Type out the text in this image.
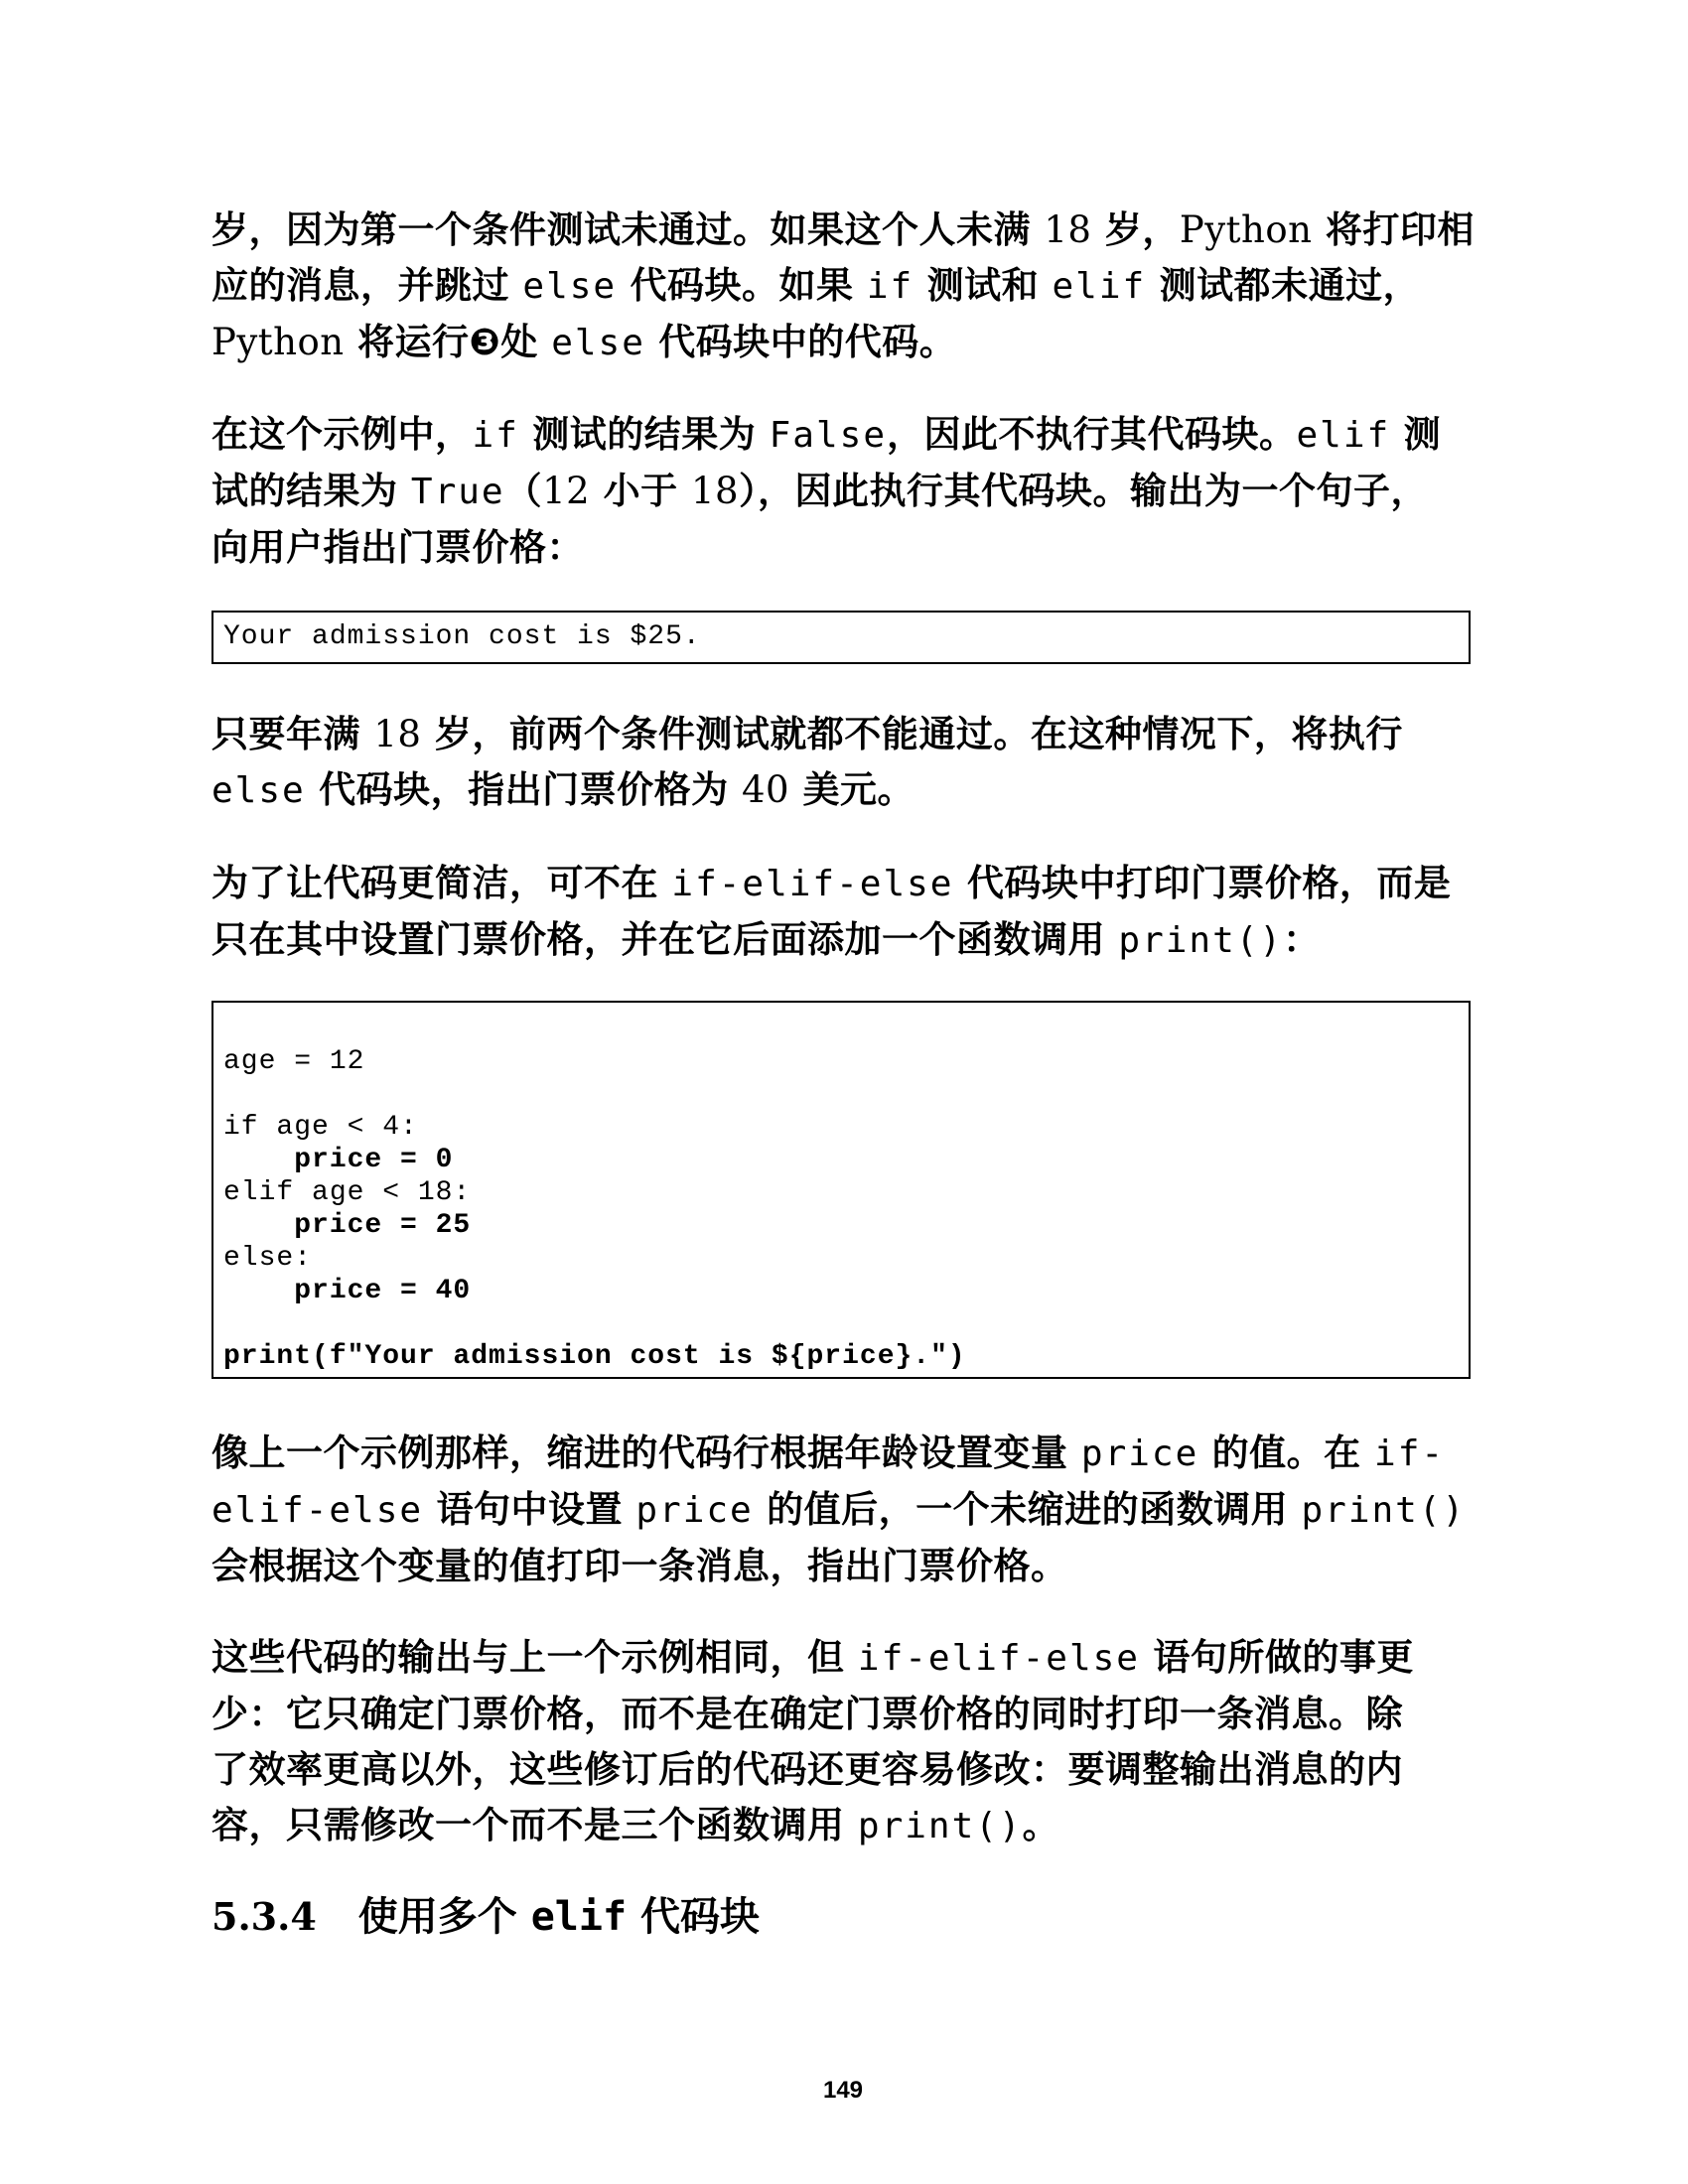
岁，因为第一个条件测试未通过。如果这个人未满 18 岁，Python 将打印相
应的消息，并跳过 else 代码块。如果 if 测试和 elif 测试都未通过，
Python 将运行❸处 else 代码块中的代码。
在这个示例中，if 测试的结果为 False，因此不执行其代码块。elif 测
试的结果为 True（12 小于 18），因此执行其代码块。输出为一个句子，
向用户指出门票价格：
Your admission cost is $25.
只要年满 18 岁，前两个条件测试就都不能通过。在这种情况下，将执行
else 代码块，指出门票价格为 40 美元。
为了让代码更简洁，可不在 if-elif-else 代码块中打印门票价格，而是
只在其中设置门票价格，并在它后面添加一个函数调用 print()：
age = 12

if age < 4:
price = 0
elif age < 18:
price = 25
else:
price = 40

print(f"Your admission cost is ${price}.")
像上一个示例那样，缩进的代码行根据年龄设置变量 price 的值。在 if-
elif-else 语句中设置 price 的值后，一个未缩进的函数调用 print()
会根据这个变量的值打印一条消息，指出门票价格。
这些代码的输出与上一个示例相同，但 if-elif-else 语句所做的事更
少：它只确定门票价格，而不是在确定门票价格的同时打印一条消息。除
了效率更高以外，这些修订后的代码还更容易修改：要调整输出消息的内
容，只需修改一个而不是三个函数调用 print()。
5.3.4 使用多个 elif 代码块
149
